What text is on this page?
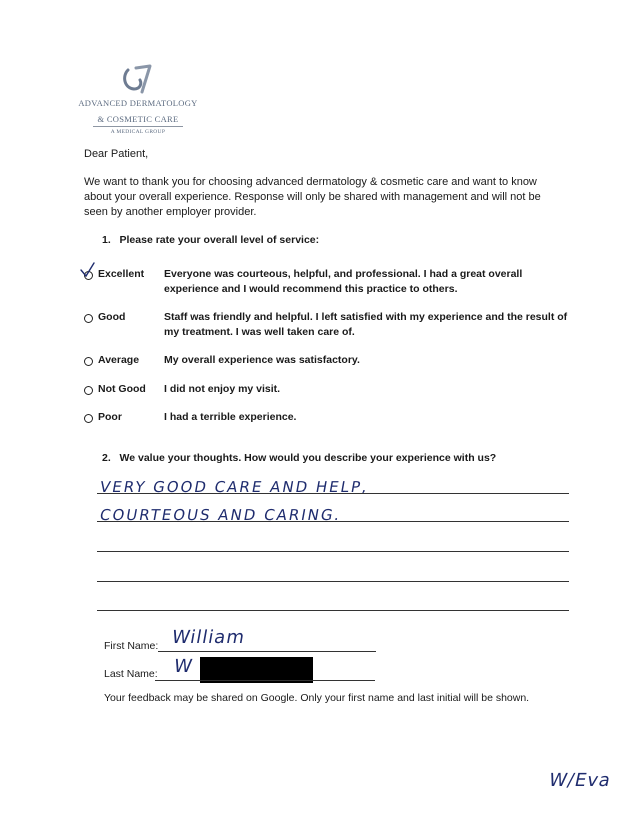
ADVANCED DERMATOLOGY
& COSMETIC CARE
A MEDICAL GROUP
Dear Patient,
We want to thank you for choosing advanced dermatology & cosmetic care and want to know about your overall experience. Response will only be shared with management and will not be seen by another employer provider.
1.   Please rate your overall level of service:
Excellent Everyone was courteous, helpful, and professional. I had a great overall experience and I would recommend this practice to others.
Good	Staff was friendly and helpful. I left satisfied with my experience and the result of my treatment. I was well taken care of.
Average My overall experience was satisfactory.
Not Good I did not enjoy my visit.
Poor	I had a terrible experience.
2.   We value your thoughts. How would you describe your experience with us?
VERY GOOD CARE AND HELP,
COURTEOUS AND CARING.
First Name: William
Last Name: W
Your feedback may be shared on Google. Only your first name and last initial will be shown.
W/Eva
